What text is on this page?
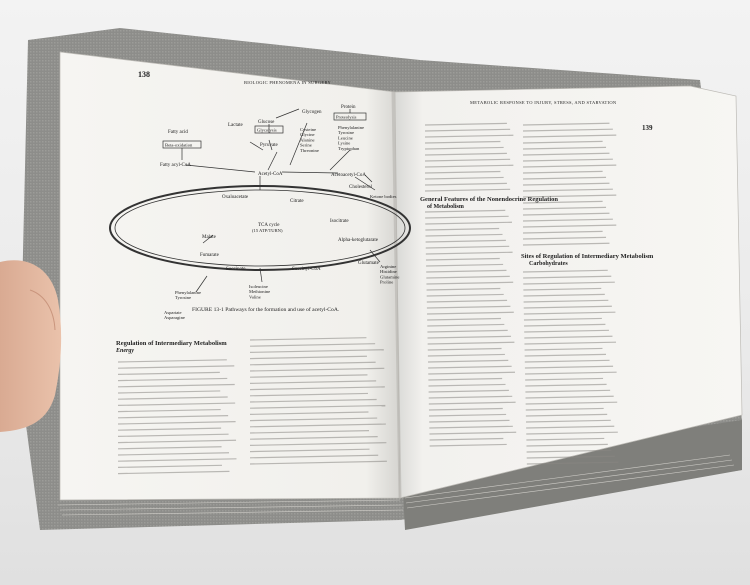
Protein
Glycogen
Proteolysis
Glucose
Lactate
Glycolysis
Pyruvate
Fatty acid
Beta-oxidation
Fatty acyl-CoA
Acetyl-CoA	Acetoacetyl-CoA
Cholesterol
Ketone bodies
Cysteine
Glycine
Alanine
Serine
Threonine
Phenylalanine
Tyrosine
Leucine
Lysine
Tryptophan
Oxaloacetate
Citrate
Malate
Fumarate
Isocitrate
Alpha-ketoglutarate
Succinate	Succinyl-CoA
TCA cycle
(15 ATP/TURN)
Glutamate
Phenylalanine
Tyrosine
Isoleucine
Methionine
Valine
Aspartate
Asparagine
Arginine
Histidine
Glutamine
Proline
138
BIOLOGIC PHENOMENA IN SURGERY
METABOLIC RESPONSE TO INJURY, STRESS, AND STARVATION
139
FIGURE 13-1 Pathways for the formation and use of acetyl-CoA.
Regulation of Intermediary Metabolism
Energy
General Features of the Nonendocrine Regulation
of Metabolism
Sites of Regulation of Intermediary Metabolism
Carbohydrates
